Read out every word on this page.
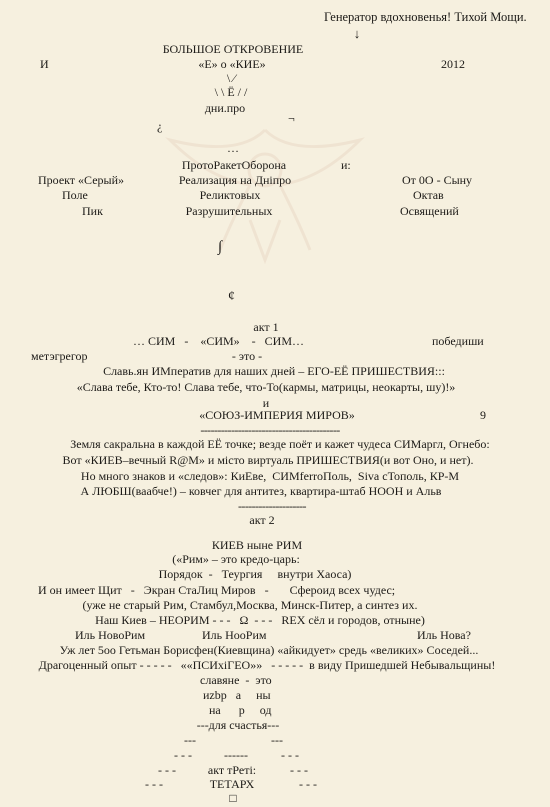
Генератор вдохновенья! Тихой Мощи.
↓
БОЛЬШОЕ ОТКРОВЕНИЕ
И	«Е» о «КИЕ»	2012
\ ⁄
\ \ Ё / /
дни.про
¿
¬
…
ПротоРакетОборона	и:
Проект «Серый»	Реализация на Дніпро	От 0О - Сыну
Поле	Реликтовых	Октав
Пик	Разрушительных	Освящений
∫
¢
акт 1
… СИМ   -    «СИМ»    -   СИМ…	победиши
метэгрегор	- это -
Славь.ян ИМператив для наших дней – ЕГО-ЕЁ ПРИШЕСТВИЯ:::
«Слава тебе, Кто-то! Слава тебе, что-То(кармы, матрицы, неокарты, шу)!»
и
«СОЮЗ-ИМПЕРИЯ МИРОВ»	9
-----------------------------------------
Земля сакральна в каждой ЕЁ точке; везде поёт и кажет чудеса СИМаргл, Огнебо:
Вот «КИЕВ–вечный R@M» и місто виртуаль ПРИШЕСТВИЯ(и вот Оно, и нет).
Но много знаков и «следов»: КиЕве,  СИМferroПоль,  Siva сТополь, КР-М
А ЛЮБШ(ваабче!) – ковчег для антитез, квартира-штаб НООН и Альв
--------------------
акт 2
КИЕВ ныне РИМ
(«Рим» – это кредо-царь:
Порядок  -   Теургия     внутри Хаоса)
И он имеет Щит   -   Экран СтаЛиц Миров   -       Сфероид всех чудес;
(уже не старый Рим, Стамбул,Москва, Минск-Питер, а синтез их.
Наш Киев – НЕОРИМ - - -   Ω  - - -   REX сёл и городов, отныне)
Иль НовоРим	Иль НооРим	Иль Нова?
Уж лет 5оо Гетьман Борисфен(Киевщина) «айкидует» средь «великих» Соседей...
Драгоценный опыт - - - - -   ««ПСИхiГЕО»»   - - - - -  в виду Пришедшей Небывальщины!
славяне  -  это
иzbр   а     ны
на      р     од
---для счастья---
---	---
- - -	------	- - -
- - -	акт тРеті:	- - -
- - -	ТЕТАРХ	- - -
□
